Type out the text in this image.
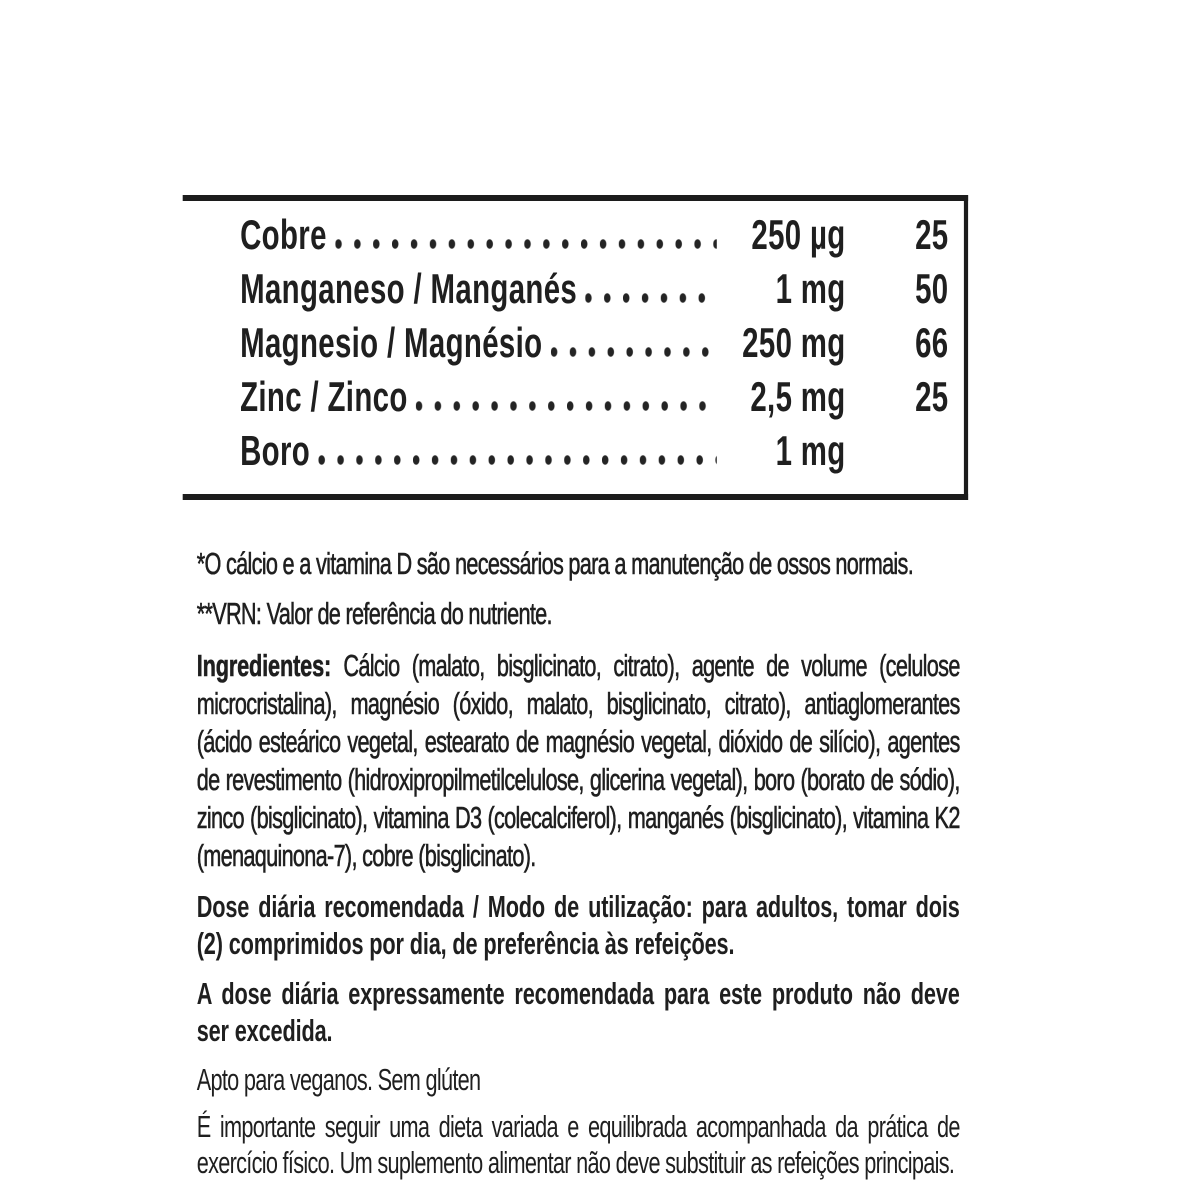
Cobre	250 µg	25
Manganeso / Manganés	1 mg	50
Magnesio / Magnésio	250 mg	66
Zinc / Zinco	2,5 mg	25
Boro	1 mg

*O cálcio e a vitamina D são necessários para a manutenção de ossos normais.

**VRN: Valor de referência do nutriente.

Ingredientes: Cálcio (malato, bisglicinato, citrato), agente de volume (celulose microcristalina), magnésio (óxido, malato, bisglicinato, citrato), antiaglomerantes (ácido esteárico vegetal, estearato de magnésio vegetal, dióxido de silício), agentes de revestimento (hidroxipropilmetilcelulose, glicerina vegetal), boro (borato de sódio), zinco (bisglicinato), vitamina D3 (colecalciferol), manganés (bisglicinato), vitamina K2 (menaquinona-7), cobre (bisglicinato).

Dose diária recomendada / Modo de utilização: para adultos, tomar dois (2) comprimidos por dia, de preferência às refeições.

A dose diária expressamente recomendada para este produto não deve ser excedida.

Apto para veganos. Sem glúten

É importante seguir uma dieta variada e equilibrada acompanhada da prática de exercício físico. Um suplemento alimentar não deve substituir as refeições principais.
